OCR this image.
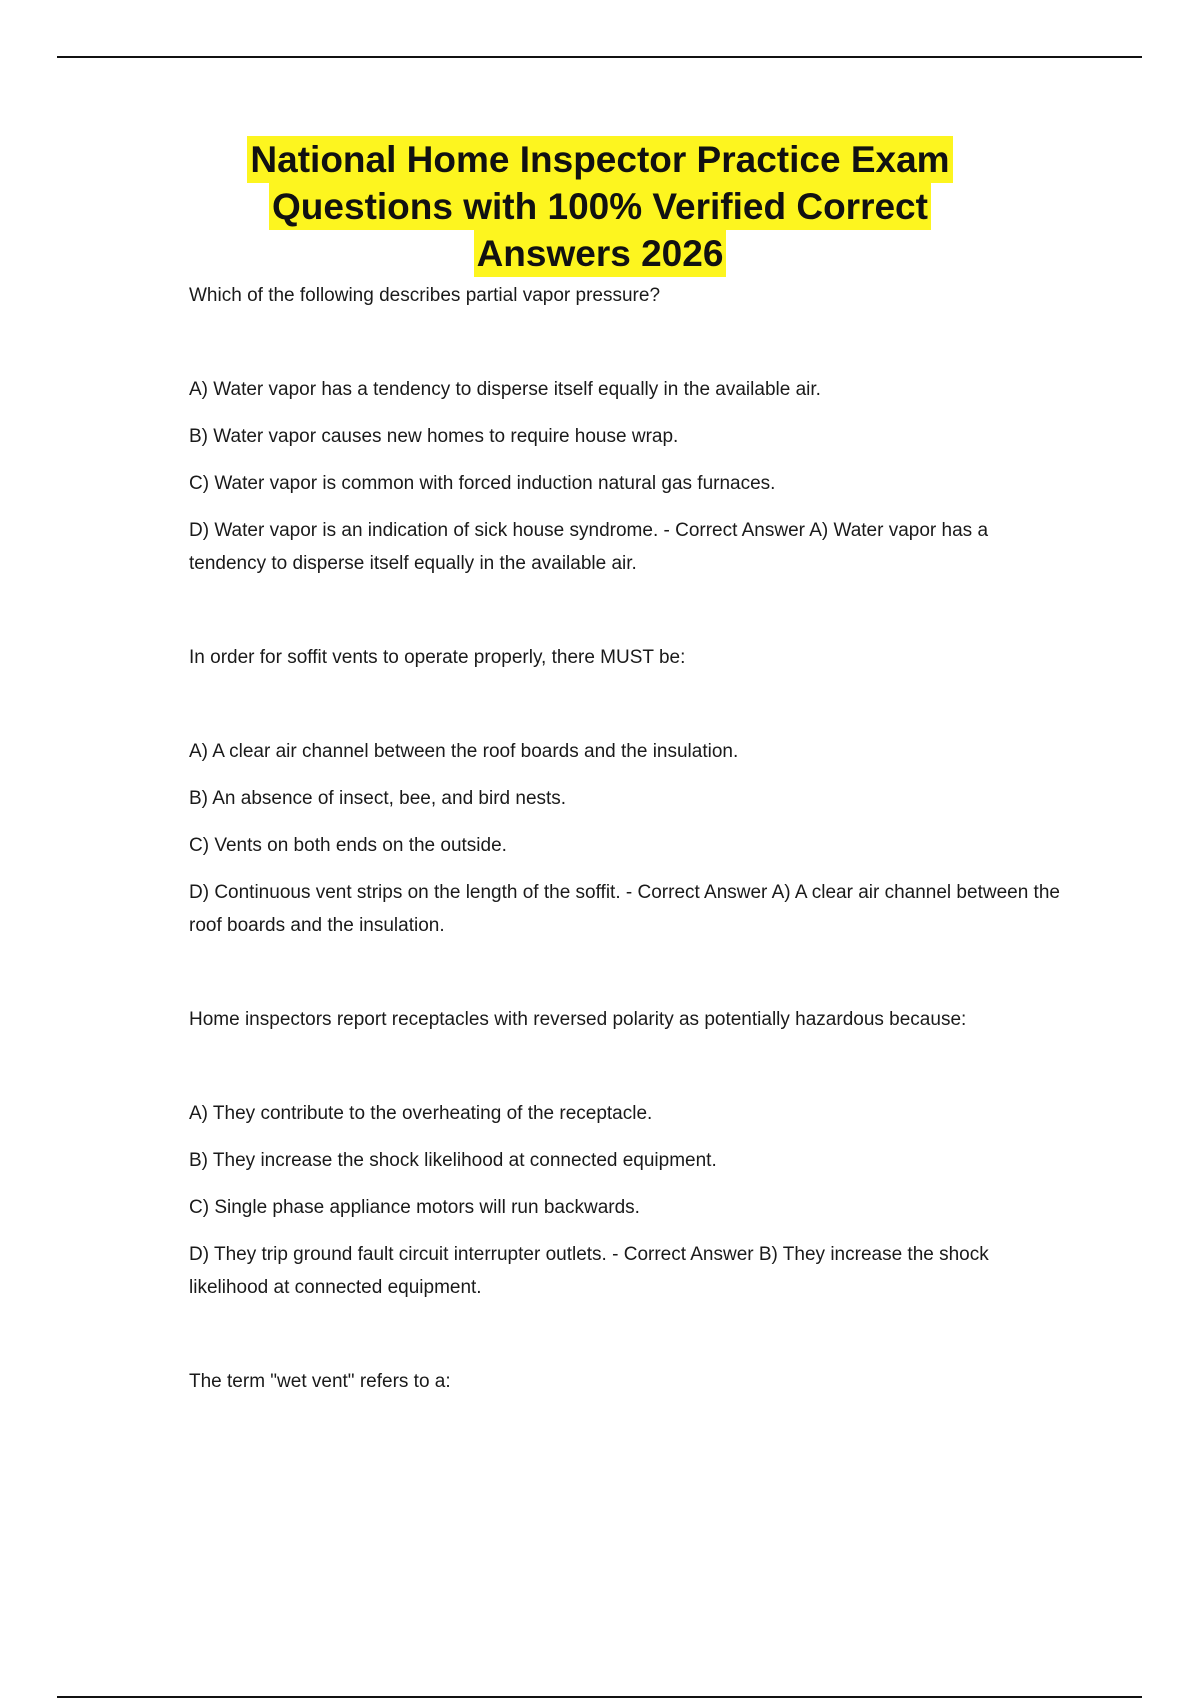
National Home Inspector Practice Exam
Questions with 100% Verified Correct
Answers 2026

Which of the following describes partial vapor pressure?

A) Water vapor has a tendency to disperse itself equally in the available air.

B) Water vapor causes new homes to require house wrap.

C) Water vapor is common with forced induction natural gas furnaces.

D) Water vapor is an indication of sick house syndrome. - Correct Answer A) Water vapor has a tendency to disperse itself equally in the available air.

In order for soffit vents to operate properly, there MUST be:

A) A clear air channel between the roof boards and the insulation.

B) An absence of insect, bee, and bird nests.

C) Vents on both ends on the outside.

D) Continuous vent strips on the length of the soffit. - Correct Answer A) A clear air channel between the roof boards and the insulation.

Home inspectors report receptacles with reversed polarity as potentially hazardous because:

A) They contribute to the overheating of the receptacle.

B) They increase the shock likelihood at connected equipment.

C) Single phase appliance motors will run backwards.

D) They trip ground fault circuit interrupter outlets. - Correct Answer B) They increase the shock likelihood at connected equipment.

The term "wet vent" refers to a:
